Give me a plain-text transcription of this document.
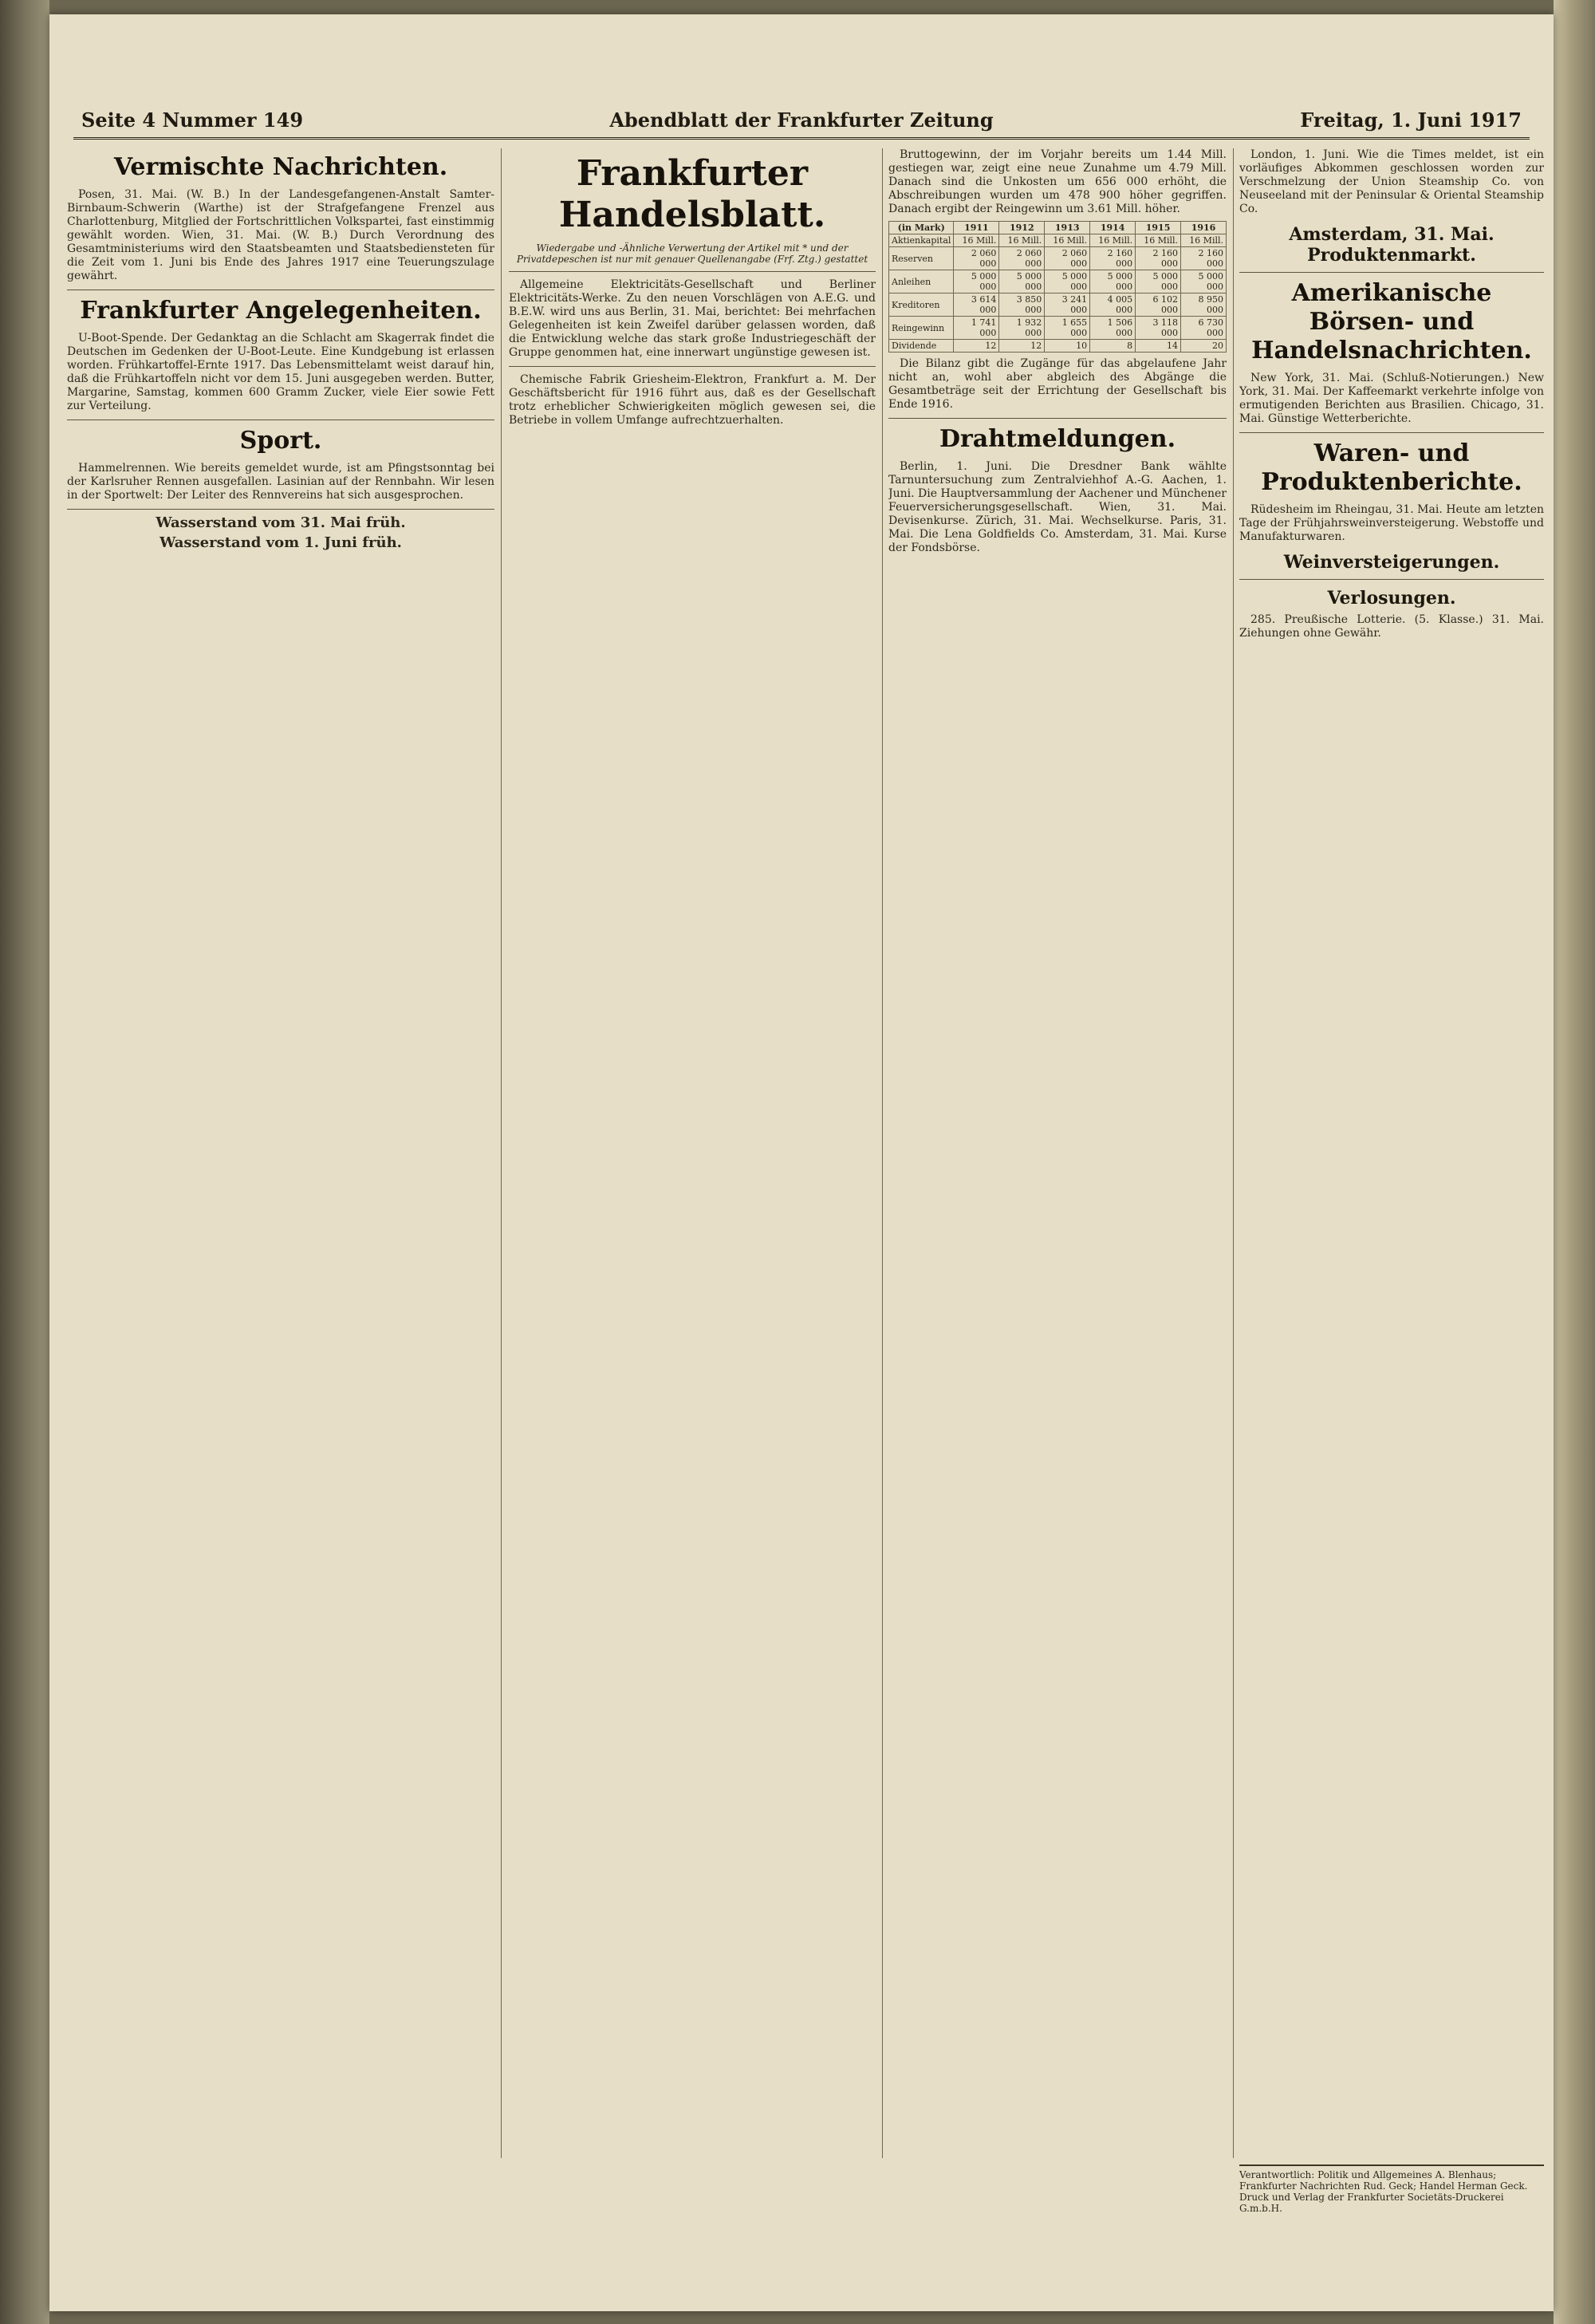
Seite 4 Nummer 149	Abendblatt der Frankfurter Zeitung	Freitag, 1. Juni 1917
Vermischte Nachrichten.
Posen, 31. Mai. (W. B.) In der Landesgefangenen-Anstalt Samter-Birnbaum-Schwerin (Warthe) ist der Strafgefangene Frenzel aus Charlottenburg, Mitglied der Fortschrittlichen Volkspartei, fast einstimmig gewählt worden. Wien, 31. Mai. (W. B.) Durch Verordnung des Gesamtministeriums wird den Staatsbeamten und Staatsbediensteten für die Zeit vom 1. Juni bis Ende des Jahres 1917 eine Teuerungszulage gewährt.
Frankfurter Angelegenheiten.
U-Boot-Spende. Der Gedanktag an die Schlacht am Skagerrak findet die Deutschen im Gedenken der U-Boot-Leute. Eine Kundgebung ist erlassen worden. Frühkartoffel-Ernte 1917. Das Lebensmittelamt weist darauf hin, daß die Frühkartoffeln nicht vor dem 15. Juni ausgegeben werden. Butter, Margarine, Samstag, kommen 600 Gramm Zucker, viele Eier sowie Fett zur Verteilung.
Sport.
Hammelrennen. Wie bereits gemeldet wurde, ist am Pfingstsonntag bei der Karlsruher Rennen ausgefallen. Lasinian auf der Rennbahn. Wir lesen in der Sportwelt: Der Leiter des Rennvereins hat sich ausgesprochen.
Wasserstand vom 31. Mai früh.
Wasserstand vom 1. Juni früh.
Frankfurter Handelsblatt.
Wiedergabe und -Ähnliche Verwertung der Artikel mit * und der Privatdepeschen ist nur mit genauer Quellenangabe (Frf. Ztg.) gestattet
Allgemeine Elektricitäts-Gesellschaft und Berliner Elektricitäts-Werke. Zu den neuen Vorschlägen von A.E.G. und B.E.W. wird uns aus Berlin, 31. Mai, berichtet: Bei mehrfachen Gelegenheiten ist kein Zweifel darüber gelassen worden, daß die Entwicklung welche das stark große Industriegeschäft der Gruppe genommen hat, eine innerwart ungünstige gewesen ist.
Chemische Fabrik Griesheim-Elektron, Frankfurt a. M. Der Geschäftsbericht für 1916 führt aus, daß es der Gesellschaft trotz erheblicher Schwierigkeiten möglich gewesen sei, die Betriebe in vollem Umfange aufrechtzuerhalten.
Bruttogewinn, der im Vorjahr bereits um 1.44 Mill. gestiegen war, zeigt eine neue Zunahme um 4.79 Mill. Danach sind die Unkosten um 656 000 erhöht, die Abschreibungen wurden um 478 900 höher gegriffen. Danach ergibt der Reingewinn um 3.61 Mill. höher.
(in Mark)	1911	1912	1913	1914	1915	1916
Aktienkapital	16 Mill.	16 Mill.	16 Mill.	16 Mill.	16 Mill.	16 Mill.
Reserven	2 060 000	2 060 000	2 060 000	2 160 000	2 160 000	2 160 000
Anleihen	5 000 000	5 000 000	5 000 000	5 000 000	5 000 000	5 000 000
Kreditoren	3 614 000	3 850 000	3 241 000	4 005 000	6 102 000	8 950 000
Reingewinn	1 741 000	1 932 000	1 655 000	1 506 000	3 118 000	6 730 000
Dividende	12	12	10	8	14	20
Die Bilanz gibt die Zugänge für das abgelaufene Jahr nicht an, wohl aber abgleich des Abgänge die Gesamtbeträge seit der Errichtung der Gesellschaft bis Ende 1916.
Drahtmeldungen.
Berlin, 1. Juni. Die Dresdner Bank wählte Tarnuntersuchung zum Zentralviehhof A.-G. Aachen, 1. Juni. Die Hauptversammlung der Aachener und Münchener Feuerversicherungsgesellschaft. Wien, 31. Mai. Devisenkurse. Zürich, 31. Mai. Wechselkurse. Paris, 31. Mai. Die Lena Goldfields Co. Amsterdam, 31. Mai. Kurse der Fondsbörse.
London, 1. Juni. Wie die Times meldet, ist ein vorläufiges Abkommen geschlossen worden zur Verschmelzung der Union Steamship Co. von Neuseeland mit der Peninsular & Oriental Steamship Co.
Amsterdam, 31. Mai. Produktenmarkt.
Amerikanische Börsen- und Handelsnachrichten.
New York, 31. Mai. (Schluß-Notierungen.) New York, 31. Mai. Der Kaffeemarkt verkehrte infolge von ermutigenden Berichten aus Brasilien. Chicago, 31. Mai. Günstige Wetterberichte.
Waren- und Produktenberichte.
Rüdesheim im Rheingau, 31. Mai. Heute am letzten Tage der Frühjahrsweinversteigerung. Webstoffe und Manufakturwaren.
Weinversteigerungen.
Verlosungen.
285. Preußische Lotterie. (5. Klasse.) 31. Mai. Ziehungen ohne Gewähr.
Verantwortlich: Politik und Allgemeines A. Blenhaus; Frankfurter Nachrichten Rud. Geck; Handel Herman Geck. Druck und Verlag der Frankfurter Societäts-Druckerei G.m.b.H.
